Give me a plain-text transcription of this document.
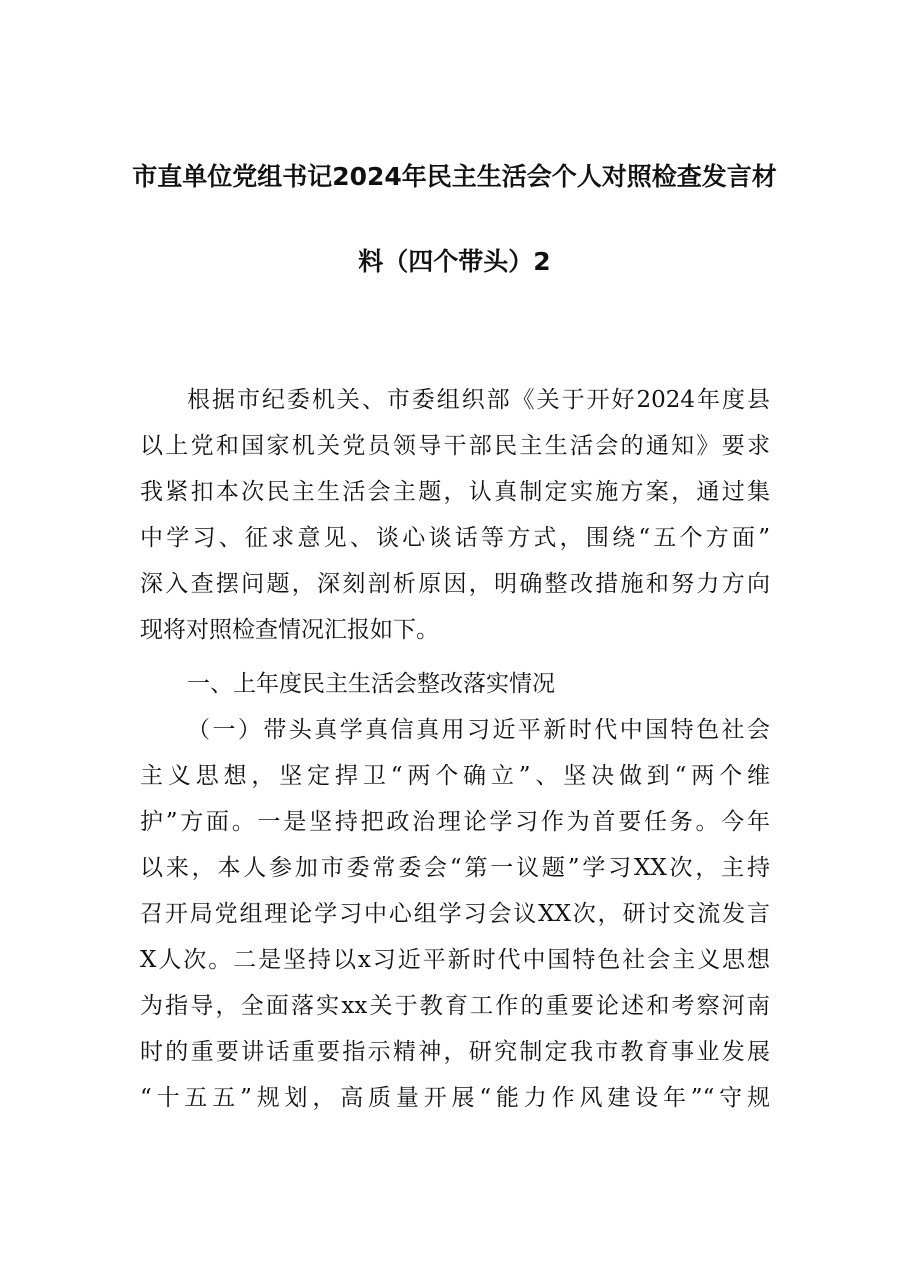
市直单位党组书记2024年民主生活会个人对照检查发言材
料（四个带头）2
根据市纪委机关、市委组织部《关于开好2024年度县
以上党和国家机关党员领导干部民主生活会的通知》要求
我紧扣本次民主生活会主题，认真制定实施方案，通过集
中学习、征求意见、谈心谈话等方式，围绕“五个方面”
深入查摆问题，深刻剖析原因，明确整改措施和努力方向
现将对照检查情况汇报如下。
一、上年度民主生活会整改落实情况
（一）带头真学真信真用习近平新时代中国特色社会
主义思想，坚定捍卫“两个确立”、坚决做到“两个维
护”方面。一是坚持把政治理论学习作为首要任务。今年
以来，本人参加市委常委会“第一议题”学习XX次，主持
召开局党组理论学习中心组学习会议XX次，研讨交流发言
X人次。二是坚持以x习近平新时代中国特色社会主义思想
为指导，全面落实xx关于教育工作的重要论述和考察河南
时的重要讲话重要指示精神，研究制定我市教育事业发展
“十五五”规划，高质量开展“能力作风建设年”“守规
